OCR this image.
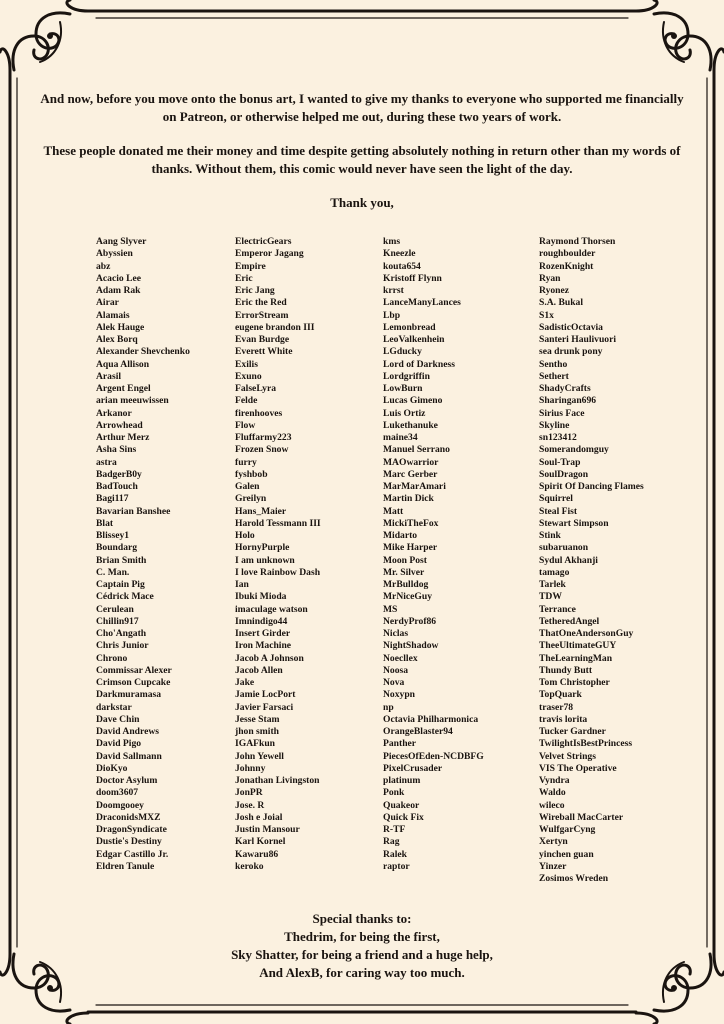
And now, before you move onto the bonus art, I wanted to give my thanks to everyone who supported me financially on Patreon, or otherwise helped me out, during these two years of work.

These people donated me their money and time despite getting absolutely nothing in return other than my words of thanks. Without them, this comic would never have seen the light of the day.

Thank you,

Aang Slyver
Abyssien
abz
Acacio Lee
Adam Rak
Airar
Alamais
Alek Hauge
Alex Borq
Alexander Shevchenko
Aqua Allison
Arasil
Argent Engel
arian meeuwissen
Arkanor
Arrowhead
Arthur Merz
Asha Sins
astra
BadgerB0y
BadTouch
Bagi117
Bavarian Banshee
Blat
Blissey1
Boundarg
Brian Smith
C. Man.
Captain Pig
Cédrick Mace
Cerulean
Chillin917
Cho'Angath
Chris Junior
Chrono
Commissar Alexer
Crimson Cupcake
Darkmuramasa
darkstar
Dave Chin
David Andrews
David Pigo
David Sallmann
DioKyo
Doctor Asylum
doom3607
Doomgooey
DraconidsMXZ
DragonSyndicate
Dustie's Destiny
Edgar Castillo Jr.
Eldren Tanule
ElectricGears
Emperor Jagang
Empire
Eric
Eric Jang
Eric the Red
ErrorStream
eugene brandon III
Evan Burdge
Everett White
Exilis
Exuno
FalseLyra
Felde
firenhooves
Flow
Fluffarmy223
Frozen Snow
furry
fyshbob
Galen
Greilyn
Hans_Maier
Harold Tessmann III
Holo
HornyPurple
I am unknown
I love Rainbow Dash
Ian
Ibuki Mioda
imaculage watson
Imnindigo44
Insert Girder
Iron Machine
Jacob A Johnson
Jacob Allen
Jake
Jamie LocPort
Javier Farsaci
Jesse Stam
jhon smith
IGAFkun
John Yewell
Johnny
Jonathan Livingston
JonPR
Jose. R
Josh e Joial
Justin Mansour
Karl Kornel
Kawaru86
keroko
kms
Kneezle
kouta654
Kristoff Flynn
krrst
LanceManyLances
Lbp
Lemonbread
LeoValkenhein
LGducky
Lord of Darkness
Lordgriffin
LowBurn
Lucas Gimeno
Luis Ortiz
Lukethanuke
maine34
Manuel Serrano
MAOwarrior
Marc Gerber
MarMarAmari
Martin Dick
Matt
MickiTheFox
Midarto
Mike Harper
Moon Post
Mr. Silver
MrBulldog
MrNiceGuy
MS
NerdyProf86
Niclas
NightShadow
Noecllex
Noosa
Nova
Noxypn
np
Octavia Philharmonica
OrangeBlaster94
Panther
PiecesOfEden-NCDBFG
PixelCrusader
platinum
Ponk
Quakeor
Quick Fix
R-TF
Rag
Ralek
raptor
Raymond Thorsen
roughboulder
RozenKnight
Ryan
Ryonez
S.A. Bukal
S1x
SadisticOctavia
Santeri Haulivuori
sea drunk pony
Sentho
Sethert
ShadyCrafts
Sharingan696
Sirius Face
Skyline
sn123412
Somerandomguy
Soul-Trap
SoulDragon
Spirit Of Dancing Flames
Squirrel
Steal Fist
Stewart Simpson
Stink
subaruanon
Sydul Akhanji
tamago
Tarlek
TDW
Terrance
TetheredAngel
ThatOneAndersonGuy
TheeUltimateGUY
TheLearningMan
Thundy Butt
Tom Christopher
TopQuark
traser78
travis lorita
Tucker Gardner
TwilightIsBestPrincess
Velvet Strings
VIS The Operative
Vyndra
Waldo
wileco
Wireball MacCarter
WulfgarCyng
Xertyn
yinchen guan
Yinzer
Zosimos Wreden
Special thanks to:
Thedrim, for being the first,
Sky Shatter, for being a friend and a huge help,
And AlexB, for caring way too much.
